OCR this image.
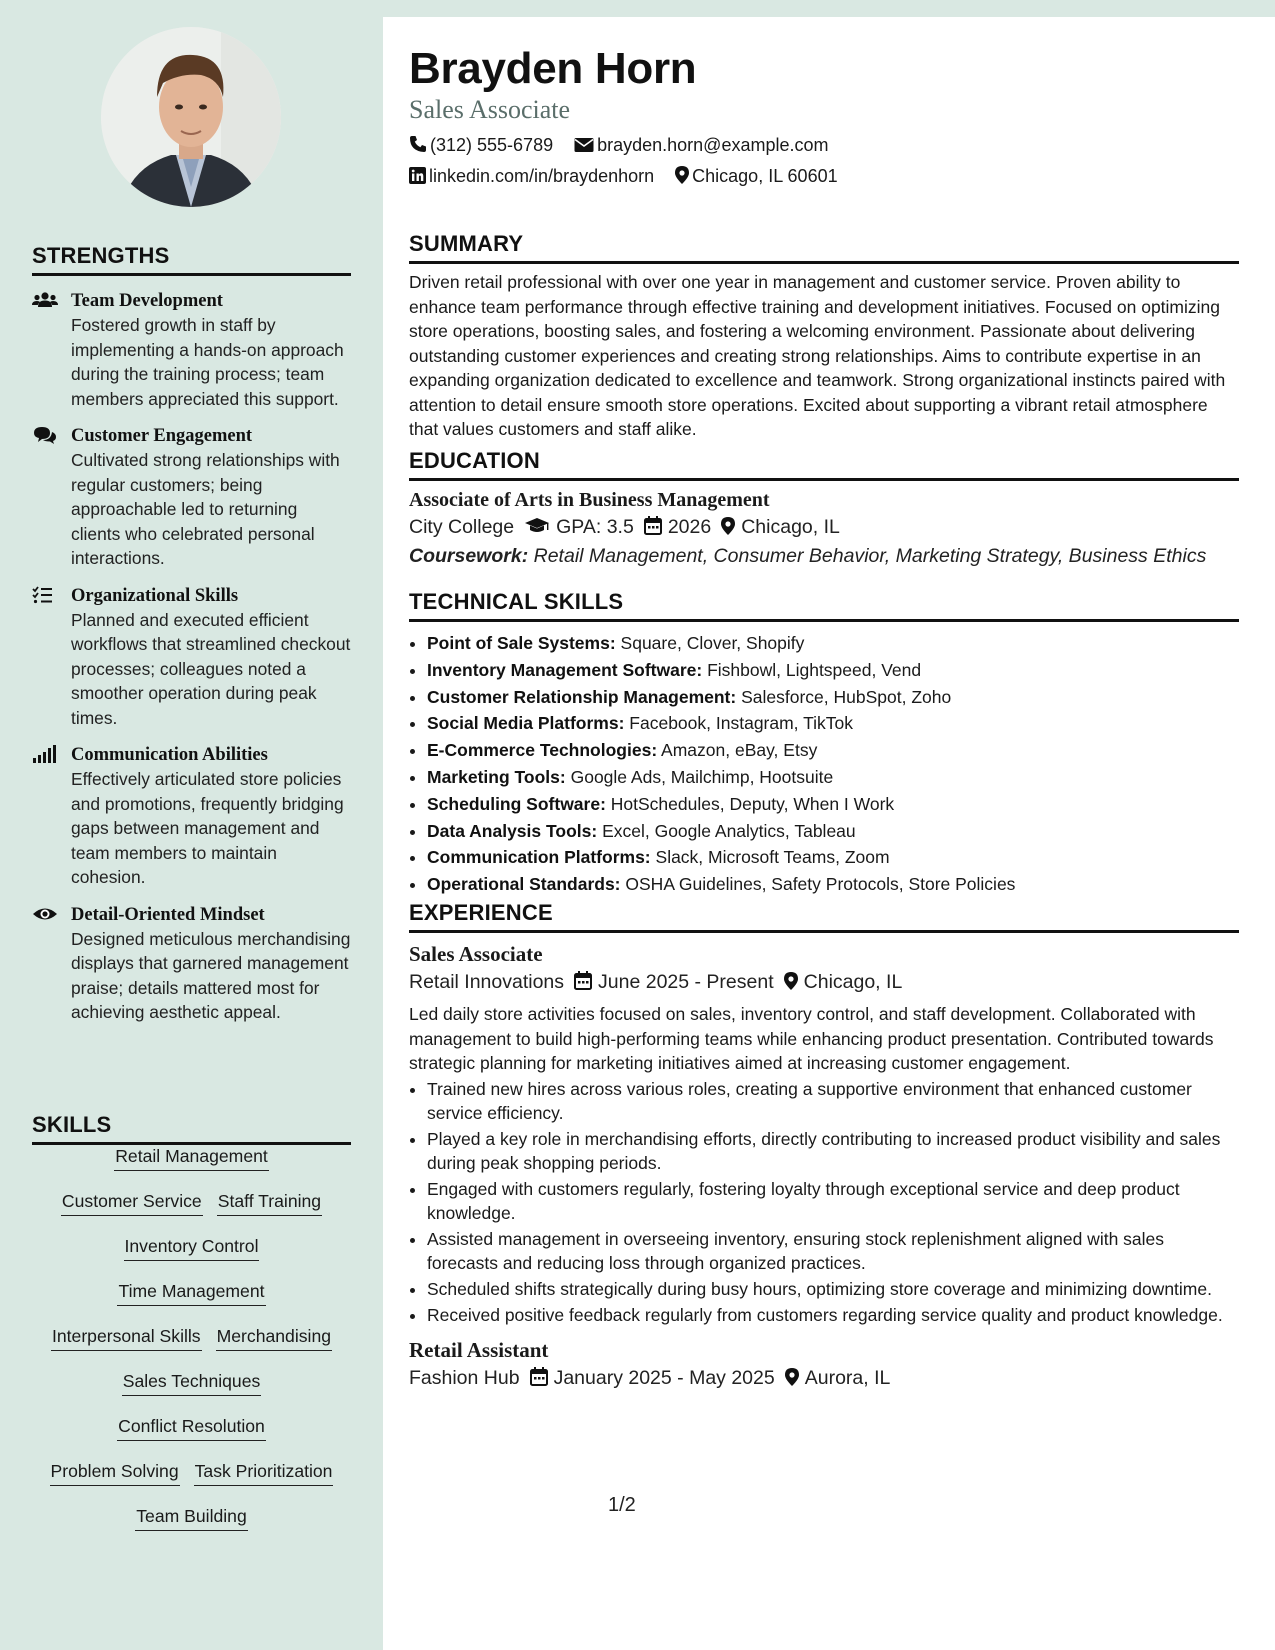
STRENGTHS
Team Development
Fostered growth in staff by implementing a hands-on approach during the training process; team members appreciated this support.
Customer Engagement
Cultivated strong relationships with regular customers; being approachable led to returning clients who celebrated personal interactions.
Organizational Skills
Planned and executed efficient workflows that streamlined checkout processes; colleagues noted a smoother operation during peak times.
Communication Abilities
Effectively articulated store policies and promotions, frequently bridging gaps between management and team members to maintain cohesion.
Detail-Oriented Mindset
Designed meticulous merchandising displays that garnered management praise; details mattered most for achieving aesthetic appeal.
SKILLS
Retail Management
Customer Service Staff Training
Inventory Control
Time Management
Interpersonal Skills Merchandising
Sales Techniques
Conflict Resolution
Problem Solving Task Prioritization
Team Building
Brayden Horn
Sales Associate
(312) 555-6789 brayden.horn@example.com
linkedin.com/in/braydenhorn Chicago, IL 60601
SUMMARY
Driven retail professional with over one year in management and customer service. Proven ability to enhance team performance through effective training and development initiatives. Focused on optimizing store operations, boosting sales, and fostering a welcoming environment. Passionate about delivering outstanding customer experiences and creating strong relationships. Aims to contribute expertise in an expanding organization dedicated to excellence and teamwork. Strong organizational instincts paired with attention to detail ensure smooth store operations. Excited about supporting a vibrant retail atmosphere that values customers and staff alike.
EDUCATION
Associate of Arts in Business Management
City College GPA: 3.5 2026 Chicago, IL
Coursework: Retail Management, Consumer Behavior, Marketing Strategy, Business Ethics
TECHNICAL SKILLS
• Point of Sale Systems: Square, Clover, Shopify
• Inventory Management Software: Fishbowl, Lightspeed, Vend
• Customer Relationship Management: Salesforce, HubSpot, Zoho
• Social Media Platforms: Facebook, Instagram, TikTok
• E-Commerce Technologies: Amazon, eBay, Etsy
• Marketing Tools: Google Ads, Mailchimp, Hootsuite
• Scheduling Software: HotSchedules, Deputy, When I Work
• Data Analysis Tools: Excel, Google Analytics, Tableau
• Communication Platforms: Slack, Microsoft Teams, Zoom
• Operational Standards: OSHA Guidelines, Safety Protocols, Store Policies
EXPERIENCE
Sales Associate
Retail Innovations June 2025 - Present Chicago, IL
Led daily store activities focused on sales, inventory control, and staff development. Collaborated with management to build high-performing teams while enhancing product presentation. Contributed towards strategic planning for marketing initiatives aimed at increasing customer engagement.
• Trained new hires across various roles, creating a supportive environment that enhanced customer service efficiency.
• Played a key role in merchandising efforts, directly contributing to increased product visibility and sales during peak shopping periods.
• Engaged with customers regularly, fostering loyalty through exceptional service and deep product knowledge.
• Assisted management in overseeing inventory, ensuring stock replenishment aligned with sales forecasts and reducing loss through organized practices.
• Scheduled shifts strategically during busy hours, optimizing store coverage and minimizing downtime.
• Received positive feedback regularly from customers regarding service quality and product knowledge.
Retail Assistant
Fashion Hub January 2025 - May 2025 Aurora, IL
1/2
